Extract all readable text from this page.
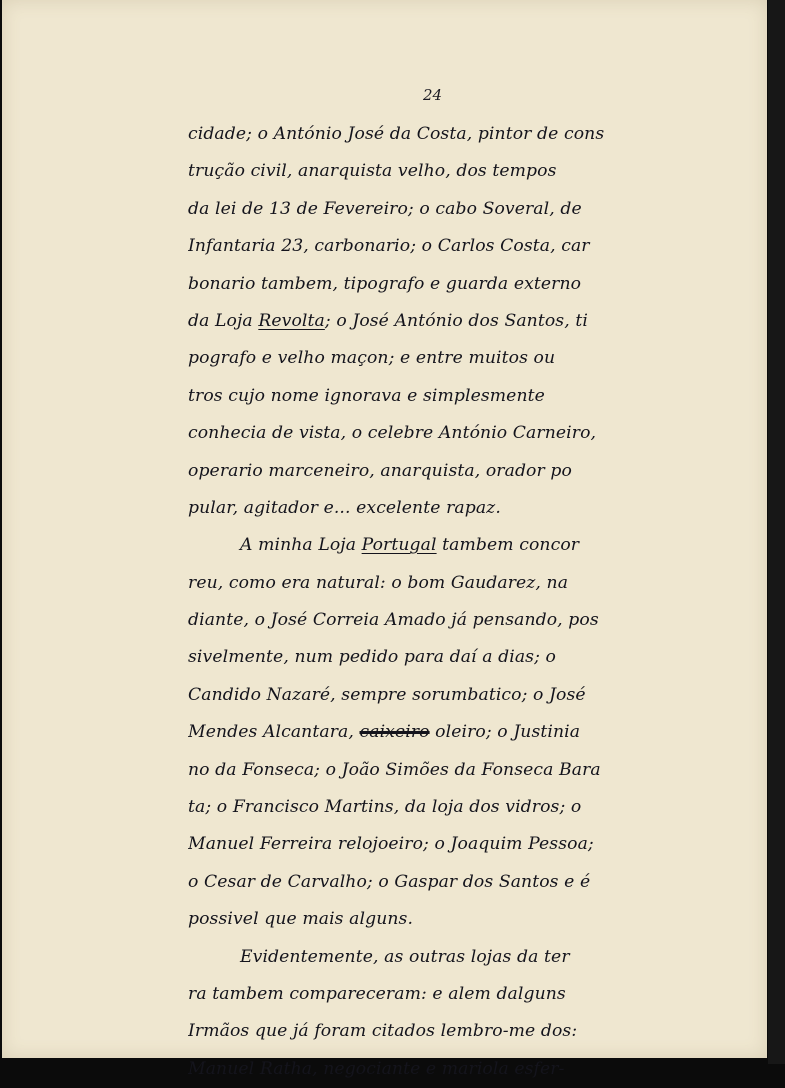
24
cidade; o António José da Costa, pintor de cons
trução civil, anarquista velho, dos tempos
da lei de 13 de Fevereiro; o cabo Soveral, de
Infantaria 23, carbonario; o Carlos Costa, car
bonario tambem, tipografo e guarda externo
da Loja Revolta; o José António dos Santos, ti
pografo e velho maçon; e entre muitos ou
tros cujo nome ignorava e simplesmente
conhecia de vista, o celebre António Carneiro,
operario marceneiro, anarquista, orador po
pular, agitador e... excelente rapaz.
A minha Loja Portugal tambem concor
reu, como era natural: o bom Gaudarez, na
diante, o José Correia Amado já pensando, pos
sivelmente, num pedido para daí a dias; o
Candido Nazaré, sempre sorumbatico; o José
Mendes Alcantara, caixeiro oleiro; o Justinia
no da Fonseca; o João Simões da Fonseca Bara
ta; o Francisco Martins, da loja dos vidros; o
Manuel Ferreira relojoeiro; o Joaquim Pessoa;
o Cesar de Carvalho; o Gaspar dos Santos e é
possivel que mais alguns.
Evidentemente, as outras lojas da ter
ra tambem compareceram: e alem dalguns
Irmãos que já foram citados lembro-me dos:
Manuel Ratha, negociante e mariola esfer-
